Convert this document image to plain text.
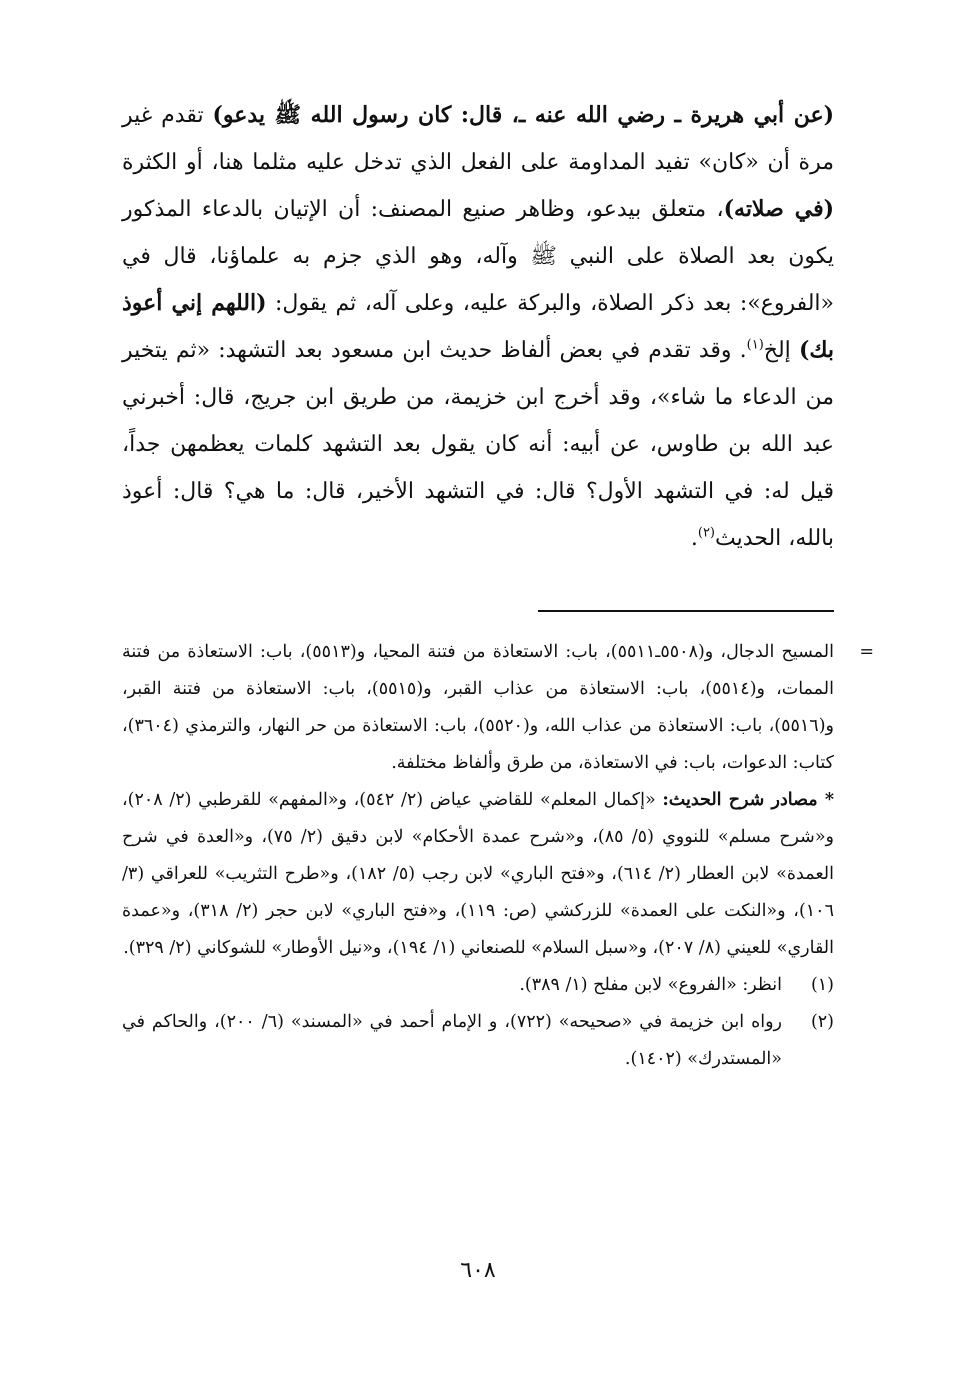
(عن أبي هريرة ـ رضي الله عنه ـ، قال: كان رسول الله ﷺ يدعو) تقدم غير مرة أن «كان» تفيد المداومة على الفعل الذي تدخل عليه مثلما هنا، أو الكثرة (في صلاته)، متعلق بيدعو، وظاهر صنيع المصنف: أن الإتيان بالدعاء المذكور يكون بعد الصلاة على النبي ﷺ وآله، وهو الذي جزم به علماؤنا، قال في «الفروع»: بعد ذكر الصلاة، والبركة عليه، وعلى آله، ثم يقول: (اللهم إني أعوذ بك) إلخ$^{(١)}$. وقد تقدم في بعض ألفاظ حديث ابن مسعود بعد التشهد: «ثم يتخير من الدعاء ما شاء»، وقد أخرج ابن خزيمة، من طريق ابن جريج، قال: أخبرني عبد الله بن طاوس، عن أبيه: أنه كان يقول بعد التشهد كلمات يعظمهن جداً، قيل له: في التشهد الأول؟ قال: في التشهد الأخير، قال: ما هي؟ قال: أعوذ بالله، الحديث$^{(٢)}$.

=
المسيح الدجال، و(٥٥٠٨ـ٥٥١١)، باب: الاستعاذة من فتنة المحيا، و(٥٥١٣)، باب: الاستعاذة من فتنة الممات، و(٥٥١٤)، باب: الاستعاذة من عذاب القبر، و(٥٥١٥)، باب: الاستعاذة من فتنة القبر، و(٥٥١٦)، باب: الاستعاذة من عذاب الله، و(٥٥٢٠)، باب: الاستعاذة من حر النهار، والترمذي (٣٦٠٤)، كتاب: الدعوات، باب: في الاستعاذة، من طرق وألفاظ مختلفة.

* مصادر شرح الحديث: «إكمال المعلم» للقاضي عياض (٢/ ٥٤٢)، و«المفهم» للقرطبي (٢/ ٢٠٨)، و«شرح مسلم» للنووي (٥/ ٨٥)، و«شرح عمدة الأحكام» لابن دقيق (٢/ ٧٥)، و«العدة في شرح العمدة» لابن العطار (٢/ ٦١٤)، و«فتح الباري» لابن رجب (٥/ ١٨٢)، و«طرح التثريب» للعراقي (٣/ ١٠٦)، و«النكت على العمدة» للزركشي (ص: ١١٩)، و«فتح الباري» لابن حجر (٢/ ٣١٨)، و«عمدة القاري» للعيني (٨/ ٢٠٧)، و«سبل السلام» للصنعاني (١/ ١٩٤)، و«نيل الأوطار» للشوكاني (٢/ ٣٢٩).

(١)
انظر: «الفروع» لابن مفلح (١/ ٣٨٩).
(٢)
رواه ابن خزيمة في «صحيحه» (٧٢٢)، و الإمام أحمد في «المسند» (٦/ ٢٠٠)، والحاكم في «المستدرك» (١٤٠٢).
٦٠٨
